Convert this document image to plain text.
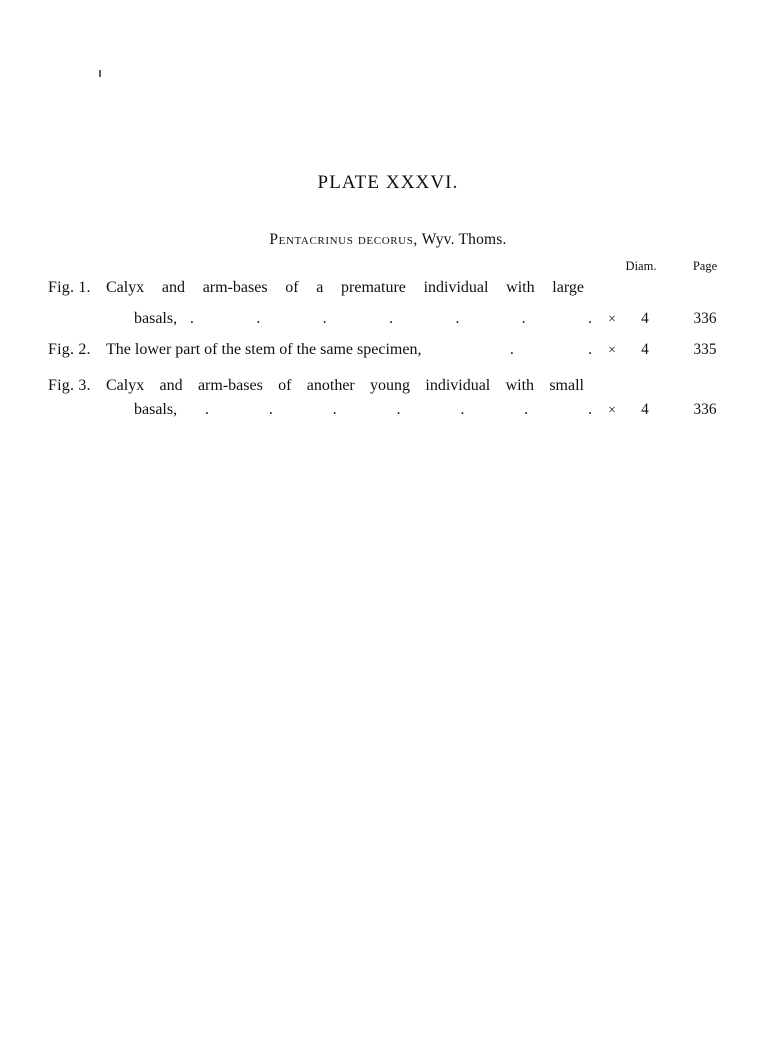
PLATE XXXVI.
Pentacrinus decorus, Wyv. Thoms.
Diam.	Page
Fig. 1. Calyx and arm-bases of a premature individual with large
basals, .	.	.	.	.	.	.	×	4	336
Fig. 2. The lower part of the stem of the same specimen,	.	.	×	4	335
Fig. 3. Calyx and arm-bases of another young individual with small
basals, .	.	.	.	.	.	.	×	4	336
